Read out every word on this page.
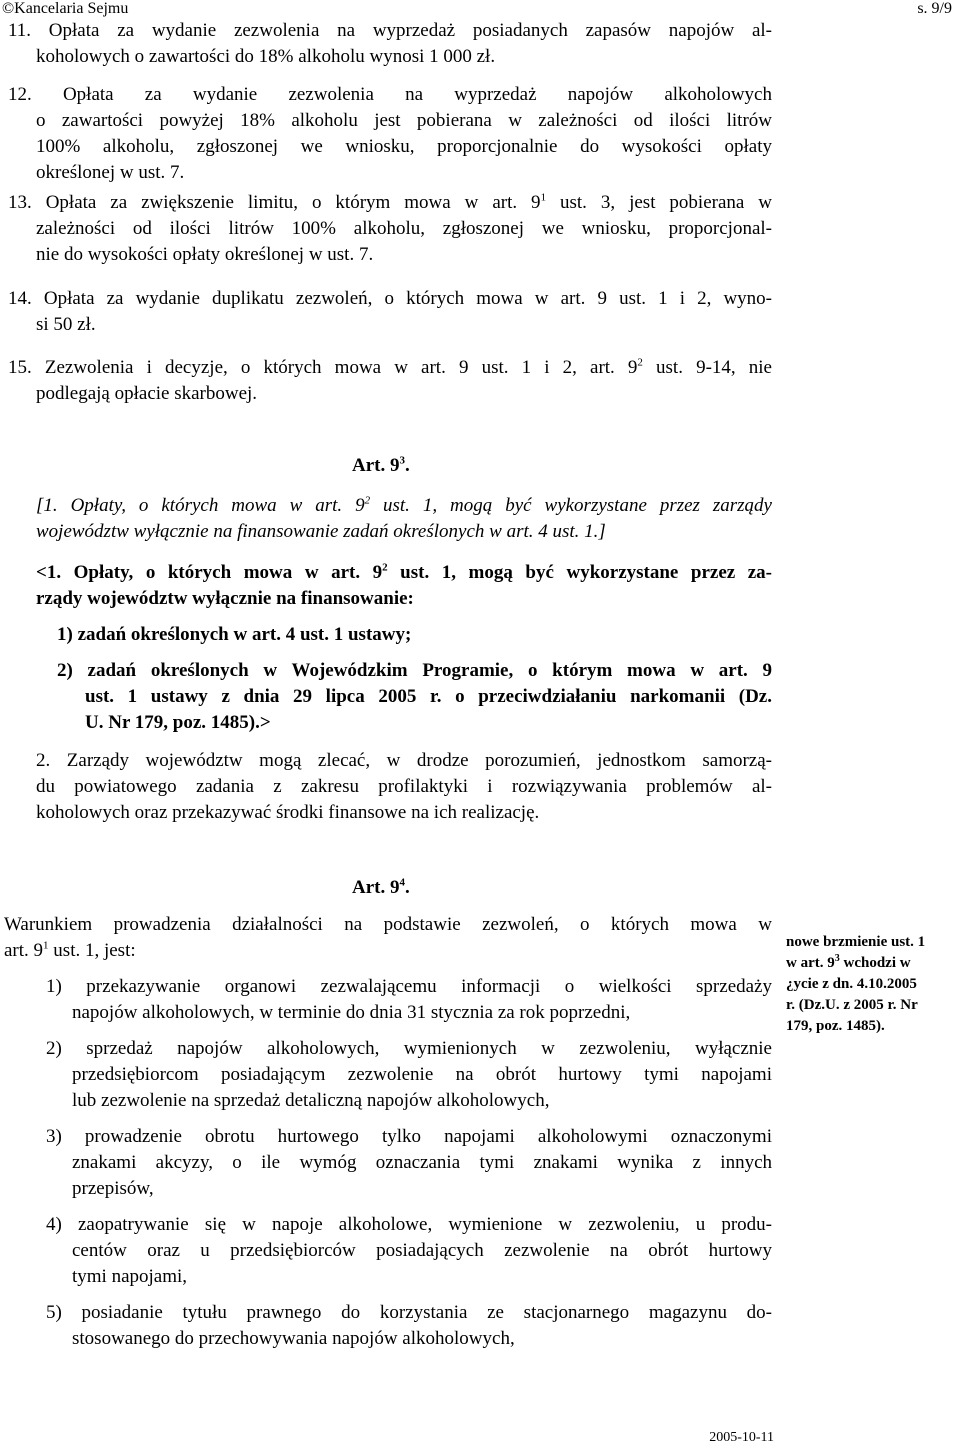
©Kancelaria Sejmu	s. 9/9

11. Opłata za wydanie zezwolenia na wyprzedaż posiadanych zapasów napojów al-

koholowych o zawartości do 18% alkoholu wynosi 1 000 zł.

12. Opłata za wydanie zezwolenia na wyprzedaż napojów alkoholowych

o zawartości powyżej 18% alkoholu jest pobierana w zależności od ilości litrów

100% alkoholu, zgłoszonej we wniosku, proporcjonalnie do wysokości opłaty

określonej w ust. 7.

13. Opłata za zwiększenie limitu, o którym mowa w art. $9^1$ ust. 3, jest pobierana w

zależności od ilości litrów 100% alkoholu, zgłoszonej we wniosku, proporcjonal-

nie do wysokości opłaty określonej w ust. 7.

14. Opłata za wydanie duplikatu zezwoleń, o których mowa w art. 9 ust. 1 i 2, wyno-

si 50 zł.

15. Zezwolenia i decyzje, o których mowa w art. 9 ust. 1 i 2, art. $9^2$ ust. 9-14, nie

podlegają opłacie skarbowej.

Art. $9^3$.

[1. Opłaty, o których mowa w art. $9^2$ ust. 1, mogą być wykorzystane przez zarządy

województw wyłącznie na finansowanie zadań określonych w art. 4 ust. 1.]

<1. Opłaty, o których mowa w art. $9^2$ ust. 1, mogą być wykorzystane przez za-

rządy województw wyłącznie na finansowanie:

1) zadań określonych w art. 4 ust. 1 ustawy;

2) zadań określonych w Wojewódzkim Programie, o którym mowa w art. 9

ust. 1 ustawy z dnia 29 lipca 2005 r. o przeciwdziałaniu narkomanii (Dz.

U. Nr 179, poz. 1485).>

2. Zarządy województw mogą zlecać, w drodze porozumień, jednostkom samorzą-

du powiatowego zadania z zakresu profilaktyki i rozwiązywania problemów al-

koholowych oraz przekazywać środki finansowe na ich realizację.

Art. $9^4$.

Warunkiem prowadzenia działalności na podstawie zezwoleń, o których mowa w

art. $9^1$ ust. 1, jest:

1) przekazywanie organowi zezwalającemu informacji o wielkości sprzedaży

napojów alkoholowych, w terminie do dnia 31 stycznia za rok poprzedni,

2) sprzedaż napojów alkoholowych, wymienionych w zezwoleniu, wyłącznie

przedsiębiorcom posiadającym zezwolenie na obrót hurtowy tymi napojami

lub zezwolenie na sprzedaż detaliczną napojów alkoholowych,

3) prowadzenie obrotu hurtowego tylko napojami alkoholowymi oznaczonymi

znakami akcyzy, o ile wymóg oznaczania tymi znakami wynika z innych

przepisów,

4) zaopatrywanie się w napoje alkoholowe, wymienione w zezwoleniu, u produ-

centów oraz u przedsiębiorców posiadających zezwolenie na obrót hurtowy

tymi napojami,

5) posiadanie tytułu prawnego do korzystania ze stacjonarnego magazynu do-

stosowanego do przechowywania napojów alkoholowych,

nowe brzmienie ust. 1
w art. $9^3$ wchodzi w
¿ycie z dn. 4.10.2005
r. (Dz.U. z 2005 r. Nr
179, poz. 1485).
2005-10-11
